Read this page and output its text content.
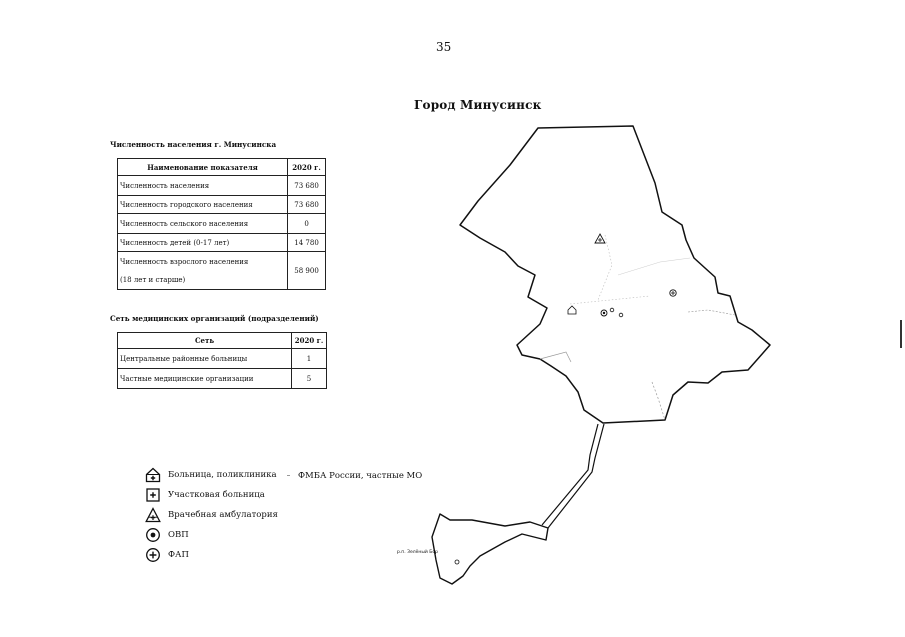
35
Город Минусинск
Численность населения г. Минусинска
Наименование показателя	2020 г.
Численность населения	73 680
Численность городского населения	73 680
Численность сельского населения	0
Численность детей (0-17 лет)	14 780

Численность взрослого населения
(18 лет и старше)	58 900
Сеть медицинских организаций (подразделений)
Сеть	2020 г.
Центральные районные больницы	1
Частные медицинские организации	5
Больница, поликлиника	ФМБА России, частные МО
Участковая больница
Врачебная амбулатория
ОВП
ФАП	р.п. Зелёный Бор
